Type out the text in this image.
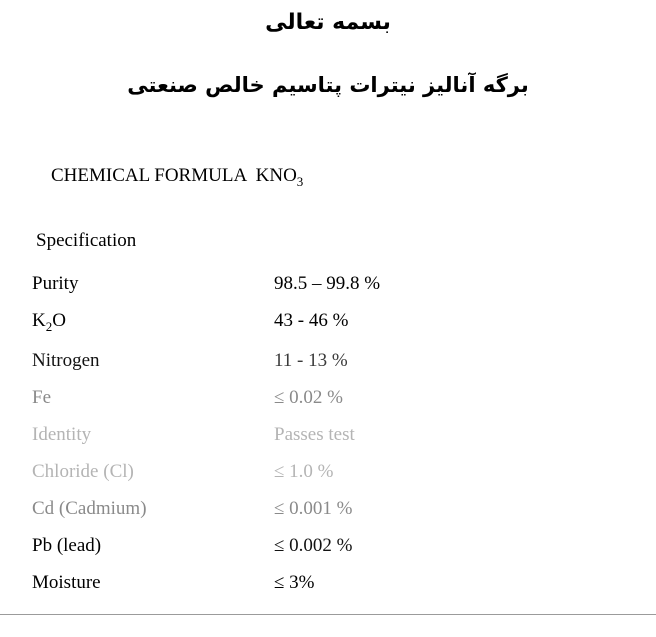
بسمه تعالی
برگه آنالیز نیترات پتاسیم خالص صنعتی

CHEMICAL FORMULA $KNO_3$

Specification
Purity	98.5 – 99.8 %
$K_2O$	43 - 46 %
Nitrogen	11 - 13 %
Fe	≤ 0.02 %
Identity	Passes test
Chloride (Cl)	≤ 1.0 %
Cd (Cadmium)	≤ 0.001 %
Pb (lead)	≤ 0.002 %
Moisture	≤ 3%
